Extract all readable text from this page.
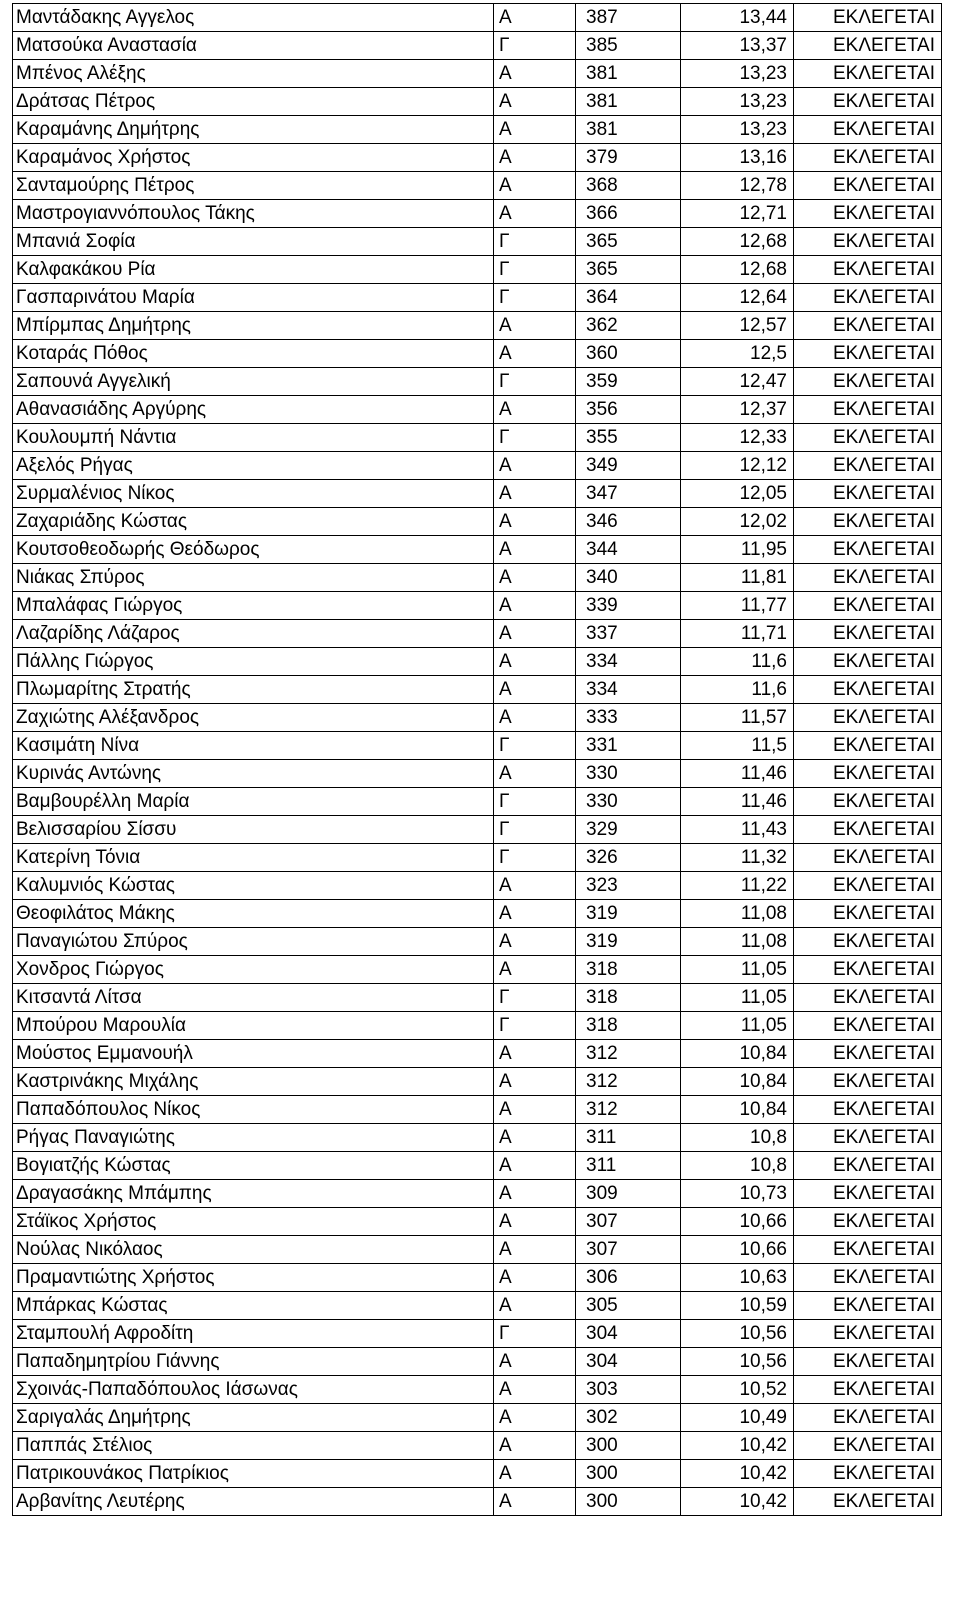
Μαντάδακης Αγγελος	Α	387	13,44	ΕΚΛΕΓΕΤΑΙ
Ματσούκα Αναστασία	Γ	385	13,37	ΕΚΛΕΓΕΤΑΙ
Μπένος Αλέξης	Α	381	13,23	ΕΚΛΕΓΕΤΑΙ
Δράτσας Πέτρος	Α	381	13,23	ΕΚΛΕΓΕΤΑΙ
Καραμάνης Δημήτρης	Α	381	13,23	ΕΚΛΕΓΕΤΑΙ
Καραμάνος Χρήστος	Α	379	13,16	ΕΚΛΕΓΕΤΑΙ
Σανταμούρης Πέτρος	Α	368	12,78	ΕΚΛΕΓΕΤΑΙ
Μαστρογιαννόπουλος Τάκης	Α	366	12,71	ΕΚΛΕΓΕΤΑΙ
Μπανιά Σοφία	Γ	365	12,68	ΕΚΛΕΓΕΤΑΙ
Καλφακάκου Ρία	Γ	365	12,68	ΕΚΛΕΓΕΤΑΙ
Γασπαρινάτου Μαρία	Γ	364	12,64	ΕΚΛΕΓΕΤΑΙ
Μπίρμπας Δημήτρης	Α	362	12,57	ΕΚΛΕΓΕΤΑΙ
Κοταράς Πόθος	Α	360	12,5	ΕΚΛΕΓΕΤΑΙ
Σαπουνά Αγγελική	Γ	359	12,47	ΕΚΛΕΓΕΤΑΙ
Αθανασιάδης Αργύρης	Α	356	12,37	ΕΚΛΕΓΕΤΑΙ
Κουλουμπή Νάντια	Γ	355	12,33	ΕΚΛΕΓΕΤΑΙ
Αξελός Ρήγας	Α	349	12,12	ΕΚΛΕΓΕΤΑΙ
Συρμαλένιος Νίκος	Α	347	12,05	ΕΚΛΕΓΕΤΑΙ
Ζαχαριάδης Κώστας	Α	346	12,02	ΕΚΛΕΓΕΤΑΙ
Κουτσοθεοδωρής Θεόδωρος	Α	344	11,95	ΕΚΛΕΓΕΤΑΙ
Νιάκας Σπύρος	Α	340	11,81	ΕΚΛΕΓΕΤΑΙ
Μπαλάφας Γιώργος	Α	339	11,77	ΕΚΛΕΓΕΤΑΙ
Λαζαρίδης Λάζαρος	Α	337	11,71	ΕΚΛΕΓΕΤΑΙ
Πάλλης Γιώργος	Α	334	11,6	ΕΚΛΕΓΕΤΑΙ
Πλωμαρίτης Στρατής	Α	334	11,6	ΕΚΛΕΓΕΤΑΙ
Ζαχιώτης Αλέξανδρος	Α	333	11,57	ΕΚΛΕΓΕΤΑΙ
Κασιμάτη Νίνα	Γ	331	11,5	ΕΚΛΕΓΕΤΑΙ
Κυρινάς Αντώνης	Α	330	11,46	ΕΚΛΕΓΕΤΑΙ
Βαμβουρέλλη Μαρία	Γ	330	11,46	ΕΚΛΕΓΕΤΑΙ
Βελισσαρίου Σίσσυ	Γ	329	11,43	ΕΚΛΕΓΕΤΑΙ
Κατερίνη Τόνια	Γ	326	11,32	ΕΚΛΕΓΕΤΑΙ
Καλυμνιός Κώστας	Α	323	11,22	ΕΚΛΕΓΕΤΑΙ
Θεοφιλάτος Μάκης	Α	319	11,08	ΕΚΛΕΓΕΤΑΙ
Παναγιώτου Σπύρος	Α	319	11,08	ΕΚΛΕΓΕΤΑΙ
Χονδρος Γιώργος	Α	318	11,05	ΕΚΛΕΓΕΤΑΙ
Κιτσαντά Λίτσα	Γ	318	11,05	ΕΚΛΕΓΕΤΑΙ
Μπούρου Μαρουλία	Γ	318	11,05	ΕΚΛΕΓΕΤΑΙ
Μούστος Εμμανουήλ	Α	312	10,84	ΕΚΛΕΓΕΤΑΙ
Καστρινάκης Μιχάλης	Α	312	10,84	ΕΚΛΕΓΕΤΑΙ
Παπαδόπουλος Νίκος	Α	312	10,84	ΕΚΛΕΓΕΤΑΙ
Ρήγας Παναγιώτης	Α	311	10,8	ΕΚΛΕΓΕΤΑΙ
Βογιατζής Κώστας	Α	311	10,8	ΕΚΛΕΓΕΤΑΙ
Δραγασάκης Μπάμπης	Α	309	10,73	ΕΚΛΕΓΕΤΑΙ
Στάϊκος Χρήστος	Α	307	10,66	ΕΚΛΕΓΕΤΑΙ
Νούλας Νικόλαος	Α	307	10,66	ΕΚΛΕΓΕΤΑΙ
Πραμαντιώτης Χρήστος	Α	306	10,63	ΕΚΛΕΓΕΤΑΙ
Μπάρκας Κώστας	Α	305	10,59	ΕΚΛΕΓΕΤΑΙ
Σταμπουλή Αφροδίτη	Γ	304	10,56	ΕΚΛΕΓΕΤΑΙ
Παπαδημητρίου Γιάννης	Α	304	10,56	ΕΚΛΕΓΕΤΑΙ
Σχοινάς-Παπαδόπουλος Ιάσωνας	Α	303	10,52	ΕΚΛΕΓΕΤΑΙ
Σαριγαλάς Δημήτρης	Α	302	10,49	ΕΚΛΕΓΕΤΑΙ
Παππάς Στέλιος	Α	300	10,42	ΕΚΛΕΓΕΤΑΙ
Πατρικουνάκος Πατρίκιος	Α	300	10,42	ΕΚΛΕΓΕΤΑΙ
Αρβανίτης Λευτέρης	Α	300	10,42	ΕΚΛΕΓΕΤΑΙ
